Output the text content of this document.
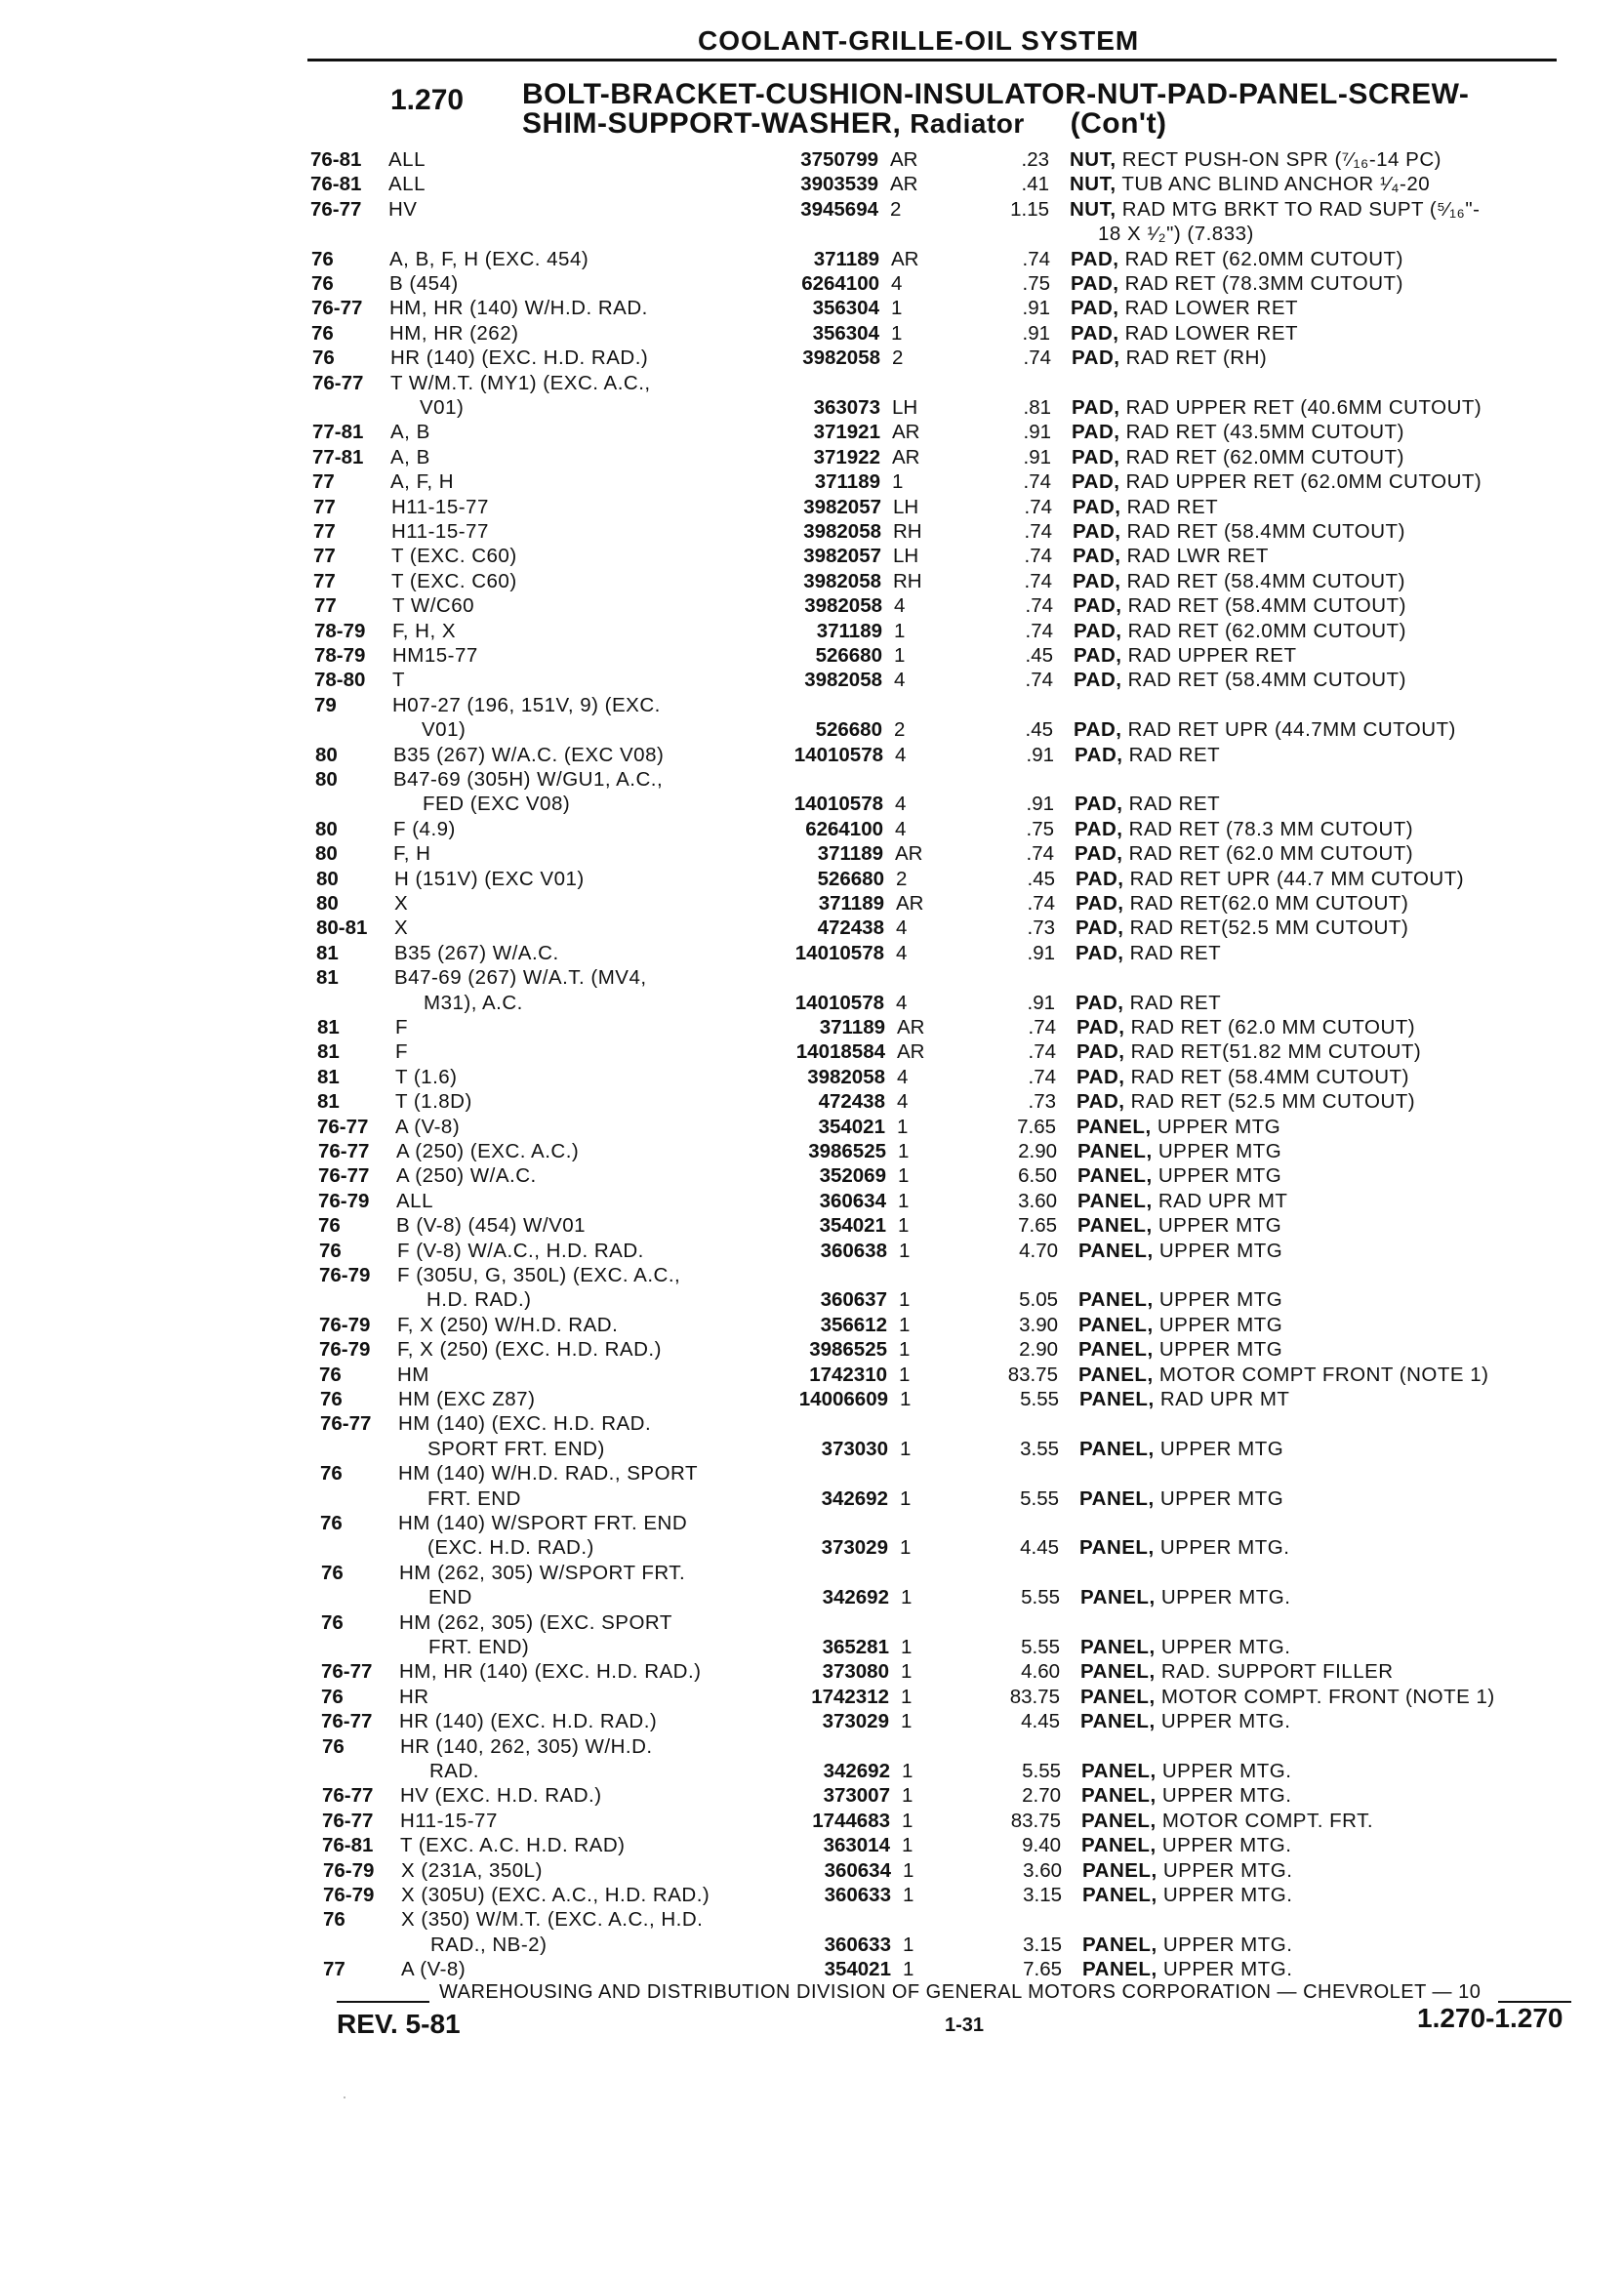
COOLANT-GRILLE-OIL SYSTEM
1.270 BOLT-BRACKET-CUSHION-INSULATOR-NUT-PAD-PANEL-SCREW-
SHIM-SUPPORT-WASHER, Radiator (Con't)
76-81 ALL	3750799 AR	.23 NUT, RECT PUSH-ON SPR (⁷⁄₁₆-14 PC)
76-81 ALL	3903539 AR	.41 NUT, TUB ANC BLIND ANCHOR ¹⁄₄-20
76-77 HV	3945694 2	1.15 NUT, RAD MTG BRKT TO RAD SUPT (⁵⁄₁₆"-
18 X ¹⁄₂") (7.833)
76	A, B, F, H (EXC. 454)	371189 AR	.74 PAD, RAD RET (62.0MM CUTOUT)
76	B (454)	6264100 4	.75 PAD, RAD RET (78.3MM CUTOUT)
76-77 HM, HR (140) W/H.D. RAD.	356304 1	.91 PAD, RAD LOWER RET
76	HM, HR (262)	356304 1	.91 PAD, RAD LOWER RET
76	HR (140) (EXC. H.D. RAD.)	3982058 2	.74 PAD, RAD RET (RH)
76-77 T W/M.T. (MY1) (EXC. A.C.,
V01)	363073 LH	.81 PAD, RAD UPPER RET (40.6MM CUTOUT)
77-81 A, B	371921 AR	.91 PAD, RAD RET (43.5MM CUTOUT)
77-81 A, B	371922 AR	.91 PAD, RAD RET (62.0MM CUTOUT)
77	A, F, H	371189 1	.74 PAD, RAD UPPER RET (62.0MM CUTOUT)
77	H11-15-77	3982057 LH	.74 PAD, RAD RET
77	H11-15-77	3982058 RH	.74 PAD, RAD RET (58.4MM CUTOUT)
77	T (EXC. C60)	3982057 LH	.74 PAD, RAD LWR RET
77	T (EXC. C60)	3982058 RH	.74 PAD, RAD RET (58.4MM CUTOUT)
77	T W/C60	3982058 4	.74 PAD, RAD RET (58.4MM CUTOUT)
78-79 F, H, X	371189 1	.74 PAD, RAD RET (62.0MM CUTOUT)
78-79 HM15-77	526680 1	.45 PAD, RAD UPPER RET
78-80 T	3982058 4	.74 PAD, RAD RET (58.4MM CUTOUT)
79	H07-27 (196, 151V, 9) (EXC.
V01)	526680 2	.45 PAD, RAD RET UPR (44.7MM CUTOUT)
80	B35 (267) W/A.C. (EXC V08)	14010578 4	.91 PAD, RAD RET
80	B47-69 (305H) W/GU1, A.C.,
FED (EXC V08)	14010578 4	.91 PAD, RAD RET
80	F (4.9)	6264100 4	.75 PAD, RAD RET (78.3 MM CUTOUT)
80	F, H	371189 AR	.74 PAD, RAD RET (62.0 MM CUTOUT)
80	H (151V) (EXC V01)	526680 2	.45 PAD, RAD RET UPR (44.7 MM CUTOUT)
80	X	371189 AR	.74 PAD, RAD RET(62.0 MM CUTOUT)
80-81 X	472438 4	.73 PAD, RAD RET(52.5 MM CUTOUT)
81	B35 (267) W/A.C.	14010578 4	.91 PAD, RAD RET
81	B47-69 (267) W/A.T. (MV4,
M31), A.C.	14010578 4	.91 PAD, RAD RET
81	F	371189 AR	.74 PAD, RAD RET (62.0 MM CUTOUT)
81	F	14018584 AR	.74 PAD, RAD RET(51.82 MM CUTOUT)
81	T (1.6)	3982058 4	.74 PAD, RAD RET (58.4MM CUTOUT)
81	T (1.8D)	472438 4	.73 PAD, RAD RET (52.5 MM CUTOUT)
76-77 A (V-8)	354021 1	7.65 PANEL, UPPER MTG
76-77 A (250) (EXC. A.C.)	3986525 1	2.90 PANEL, UPPER MTG
76-77 A (250) W/A.C.	352069 1	6.50 PANEL, UPPER MTG
76-79 ALL	360634 1	3.60 PANEL, RAD UPR MT
76	B (V-8) (454) W/V01	354021 1	7.65 PANEL, UPPER MTG
76	F (V-8) W/A.C., H.D. RAD.	360638 1	4.70 PANEL, UPPER MTG
76-79 F (305U, G, 350L) (EXC. A.C.,
H.D. RAD.)	360637 1	5.05 PANEL, UPPER MTG
76-79 F, X (250) W/H.D. RAD.	356612 1	3.90 PANEL, UPPER MTG
76-79 F, X (250) (EXC. H.D. RAD.)	3986525 1	2.90 PANEL, UPPER MTG
76	HM	1742310 1	83.75 PANEL, MOTOR COMPT FRONT (NOTE 1)
76	HM (EXC Z87)	14006609 1	5.55 PANEL, RAD UPR MT
76-77 HM (140) (EXC. H.D. RAD.
SPORT FRT. END)	373030 1	3.55 PANEL, UPPER MTG
76	HM (140) W/H.D. RAD., SPORT
FRT. END	342692 1	5.55 PANEL, UPPER MTG
76	HM (140) W/SPORT FRT. END
(EXC. H.D. RAD.)	373029 1	4.45 PANEL, UPPER MTG.
76	HM (262, 305) W/SPORT FRT.
END	342692 1	5.55 PANEL, UPPER MTG.
76	HM (262, 305) (EXC. SPORT
FRT. END)	365281 1	5.55 PANEL, UPPER MTG.
76-77 HM, HR (140) (EXC. H.D. RAD.)	373080 1	4.60 PANEL, RAD. SUPPORT FILLER
76	HR	1742312 1	83.75 PANEL, MOTOR COMPT. FRONT (NOTE 1)
76-77 HR (140) (EXC. H.D. RAD.)	373029 1	4.45 PANEL, UPPER MTG.
76	HR (140, 262, 305) W/H.D.
RAD.	342692 1	5.55 PANEL, UPPER MTG.
76-77 HV (EXC. H.D. RAD.)	373007 1	2.70 PANEL, UPPER MTG.
76-77 H11-15-77	1744683 1	83.75 PANEL, MOTOR COMPT. FRT.
76-81 T (EXC. A.C. H.D. RAD)	363014 1	9.40 PANEL, UPPER MTG.
76-79 X (231A, 350L)	360634 1	3.60 PANEL, UPPER MTG.
76-79 X (305U) (EXC. A.C., H.D. RAD.)	360633 1	3.15 PANEL, UPPER MTG.
76	X (350) W/M.T. (EXC. A.C., H.D.
RAD., NB-2)	360633 1	3.15 PANEL, UPPER MTG.
77	A (V-8)	354021 1	7.65 PANEL, UPPER MTG.
WAREHOUSING AND DISTRIBUTION DIVISION OF GENERAL MOTORS CORPORATION — CHEVROLET — 10
REV. 5-81	1-31	1.270-1.270
